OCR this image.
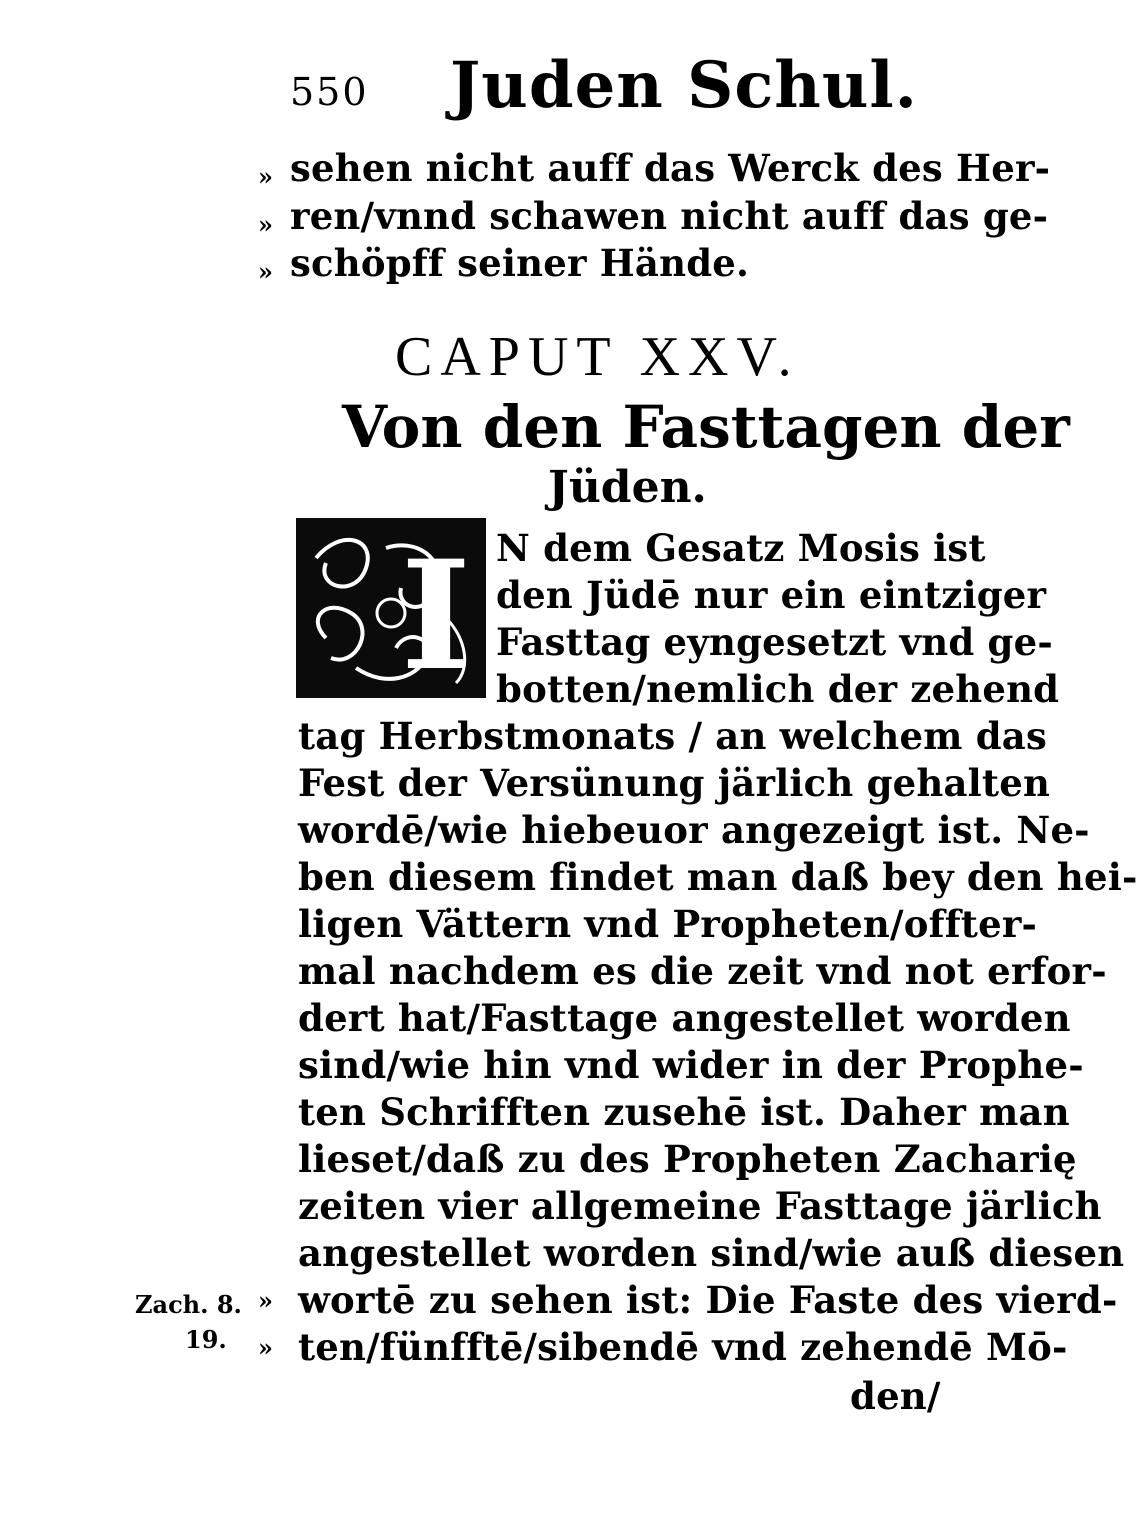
550 Juden Schul.
»
»
»
sehen nicht auff das Werck des Her-
ren/vnnd schawen nicht auff das ge-
schöpff seiner Hände.
CAPUT XXV.
Von den Fasttagen der
Jüden.
I N dem Gesatz Mosis ist
den Jüdē nur ein eintziger
Fasttag eyngesetzt vnd ge-
botten/nemlich der zehend
tag Herbstmonats / an welchem das
Fest der Versünung järlich gehalten
wordē/wie hiebeuor angezeigt ist. Ne-
ben diesem findet man daß bey den hei-
ligen Vättern vnd Propheten/offter-
mal nachdem es die zeit vnd not erfor-
dert hat/Fasttage angestellet worden
sind/wie hin vnd wider in der Prophe-
ten Schrifften zusehē ist. Daher man
lieset/daß zu des Propheten Zacharię
zeiten vier allgemeine Fasttage järlich
angestellet worden sind/wie auß diesen
wortē zu sehen ist: Die Faste des vierd-
ten/fünfftē/sibendē vnd zehendē Mō-
»
»
Zach. 8.
19.
den/
